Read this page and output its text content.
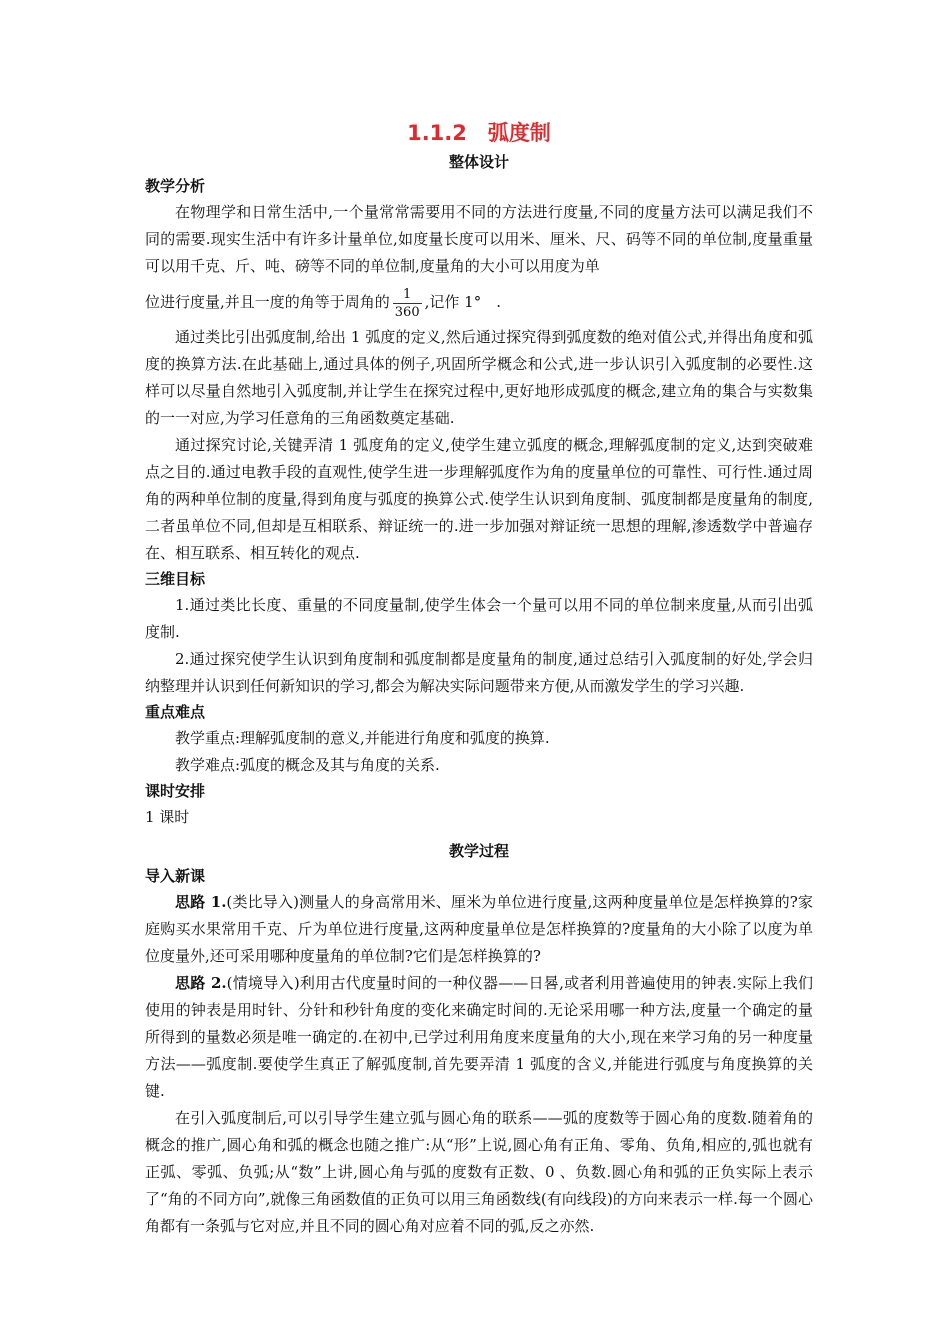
1.1.2　弧度制
整体设计
教学分析

在物理学和日常生活中,一个量常常需要用不同的方法进行度量,不同的度量方法可以满足我们不同的需要.现实生活中有许多计量单位,如度量长度可以用米、厘米、尺、码等不同的单位制,度量重量可以用千克、斤、吨、磅等不同的单位制,度量角的大小可以用度为单

位进行度量,并且一度的角等于周角的 $\frac{1}{360}$ ,记作 1°　.

通过类比引出弧度制,给出 1 弧度的定义,然后通过探究得到弧度数的绝对值公式,并得出角度和弧度的换算方法.在此基础上,通过具体的例子,巩固所学概念和公式,进一步认识引入弧度制的必要性.这样可以尽量自然地引入弧度制,并让学生在探究过程中,更好地形成弧度的概念,建立角的集合与实数集的一一对应,为学习任意角的三角函数奠定基础.

通过探究讨论,关键弄清 1 弧度角的定义,使学生建立弧度的概念,理解弧度制的定义,达到突破难点之目的.通过电教手段的直观性,使学生进一步理解弧度作为角的度量单位的可靠性、可行性.通过周角的两种单位制的度量,得到角度与弧度的换算公式.使学生认识到角度制、弧度制都是度量角的制度,二者虽单位不同,但却是互相联系、辩证统一的.进一步加强对辩证统一思想的理解,渗透数学中普遍存在、相互联系、相互转化的观点.

三维目标

1.通过类比长度、重量的不同度量制,使学生体会一个量可以用不同的单位制来度量,从而引出弧度制.

2.通过探究使学生认识到角度制和弧度制都是度量角的制度,通过总结引入弧度制的好处,学会归纳整理并认识到任何新知识的学习,都会为解决实际问题带来方便,从而激发学生的学习兴趣.

重点难点

教学重点:理解弧度制的意义,并能进行角度和弧度的换算.

教学难点:弧度的概念及其与角度的关系.

课时安排

1 课时

教学过程
导入新课

思路 1.(类比导入)测量人的身高常用米、厘米为单位进行度量,这两种度量单位是怎样换算的?家庭购买水果常用千克、斤为单位进行度量,这两种度量单位是怎样换算的?度量角的大小除了以度为单位度量外,还可采用哪种度量角的单位制?它们是怎样换算的?

思路 2.(情境导入)利用古代度量时间的一种仪器——日晷,或者利用普遍使用的钟表.实际上我们使用的钟表是用时针、分针和秒针角度的变化来确定时间的.无论采用哪一种方法,度量一个确定的量所得到的量数必须是唯一确定的.在初中,已学过利用角度来度量角的大小,现在来学习角的另一种度量方法——弧度制.要使学生真正了解弧度制,首先要弄清 1 弧度的含义,并能进行弧度与角度换算的关键.

在引入弧度制后,可以引导学生建立弧与圆心角的联系——弧的度数等于圆心角的度数.随着角的概念的推广,圆心角和弧的概念也随之推广:从“形”上说,圆心角有正角、零角、负角,相应的,弧也就有正弧、零弧、负弧;从“数”上讲,圆心角与弧的度数有正数、0 、负数.圆心角和弧的正负实际上表示了“角的不同方向”,就像三角函数值的正负可以用三角函数线(有向线段)的方向来表示一样.每一个圆心角都有一条弧与它对应,并且不同的圆心角对应着不同的弧,反之亦然.
